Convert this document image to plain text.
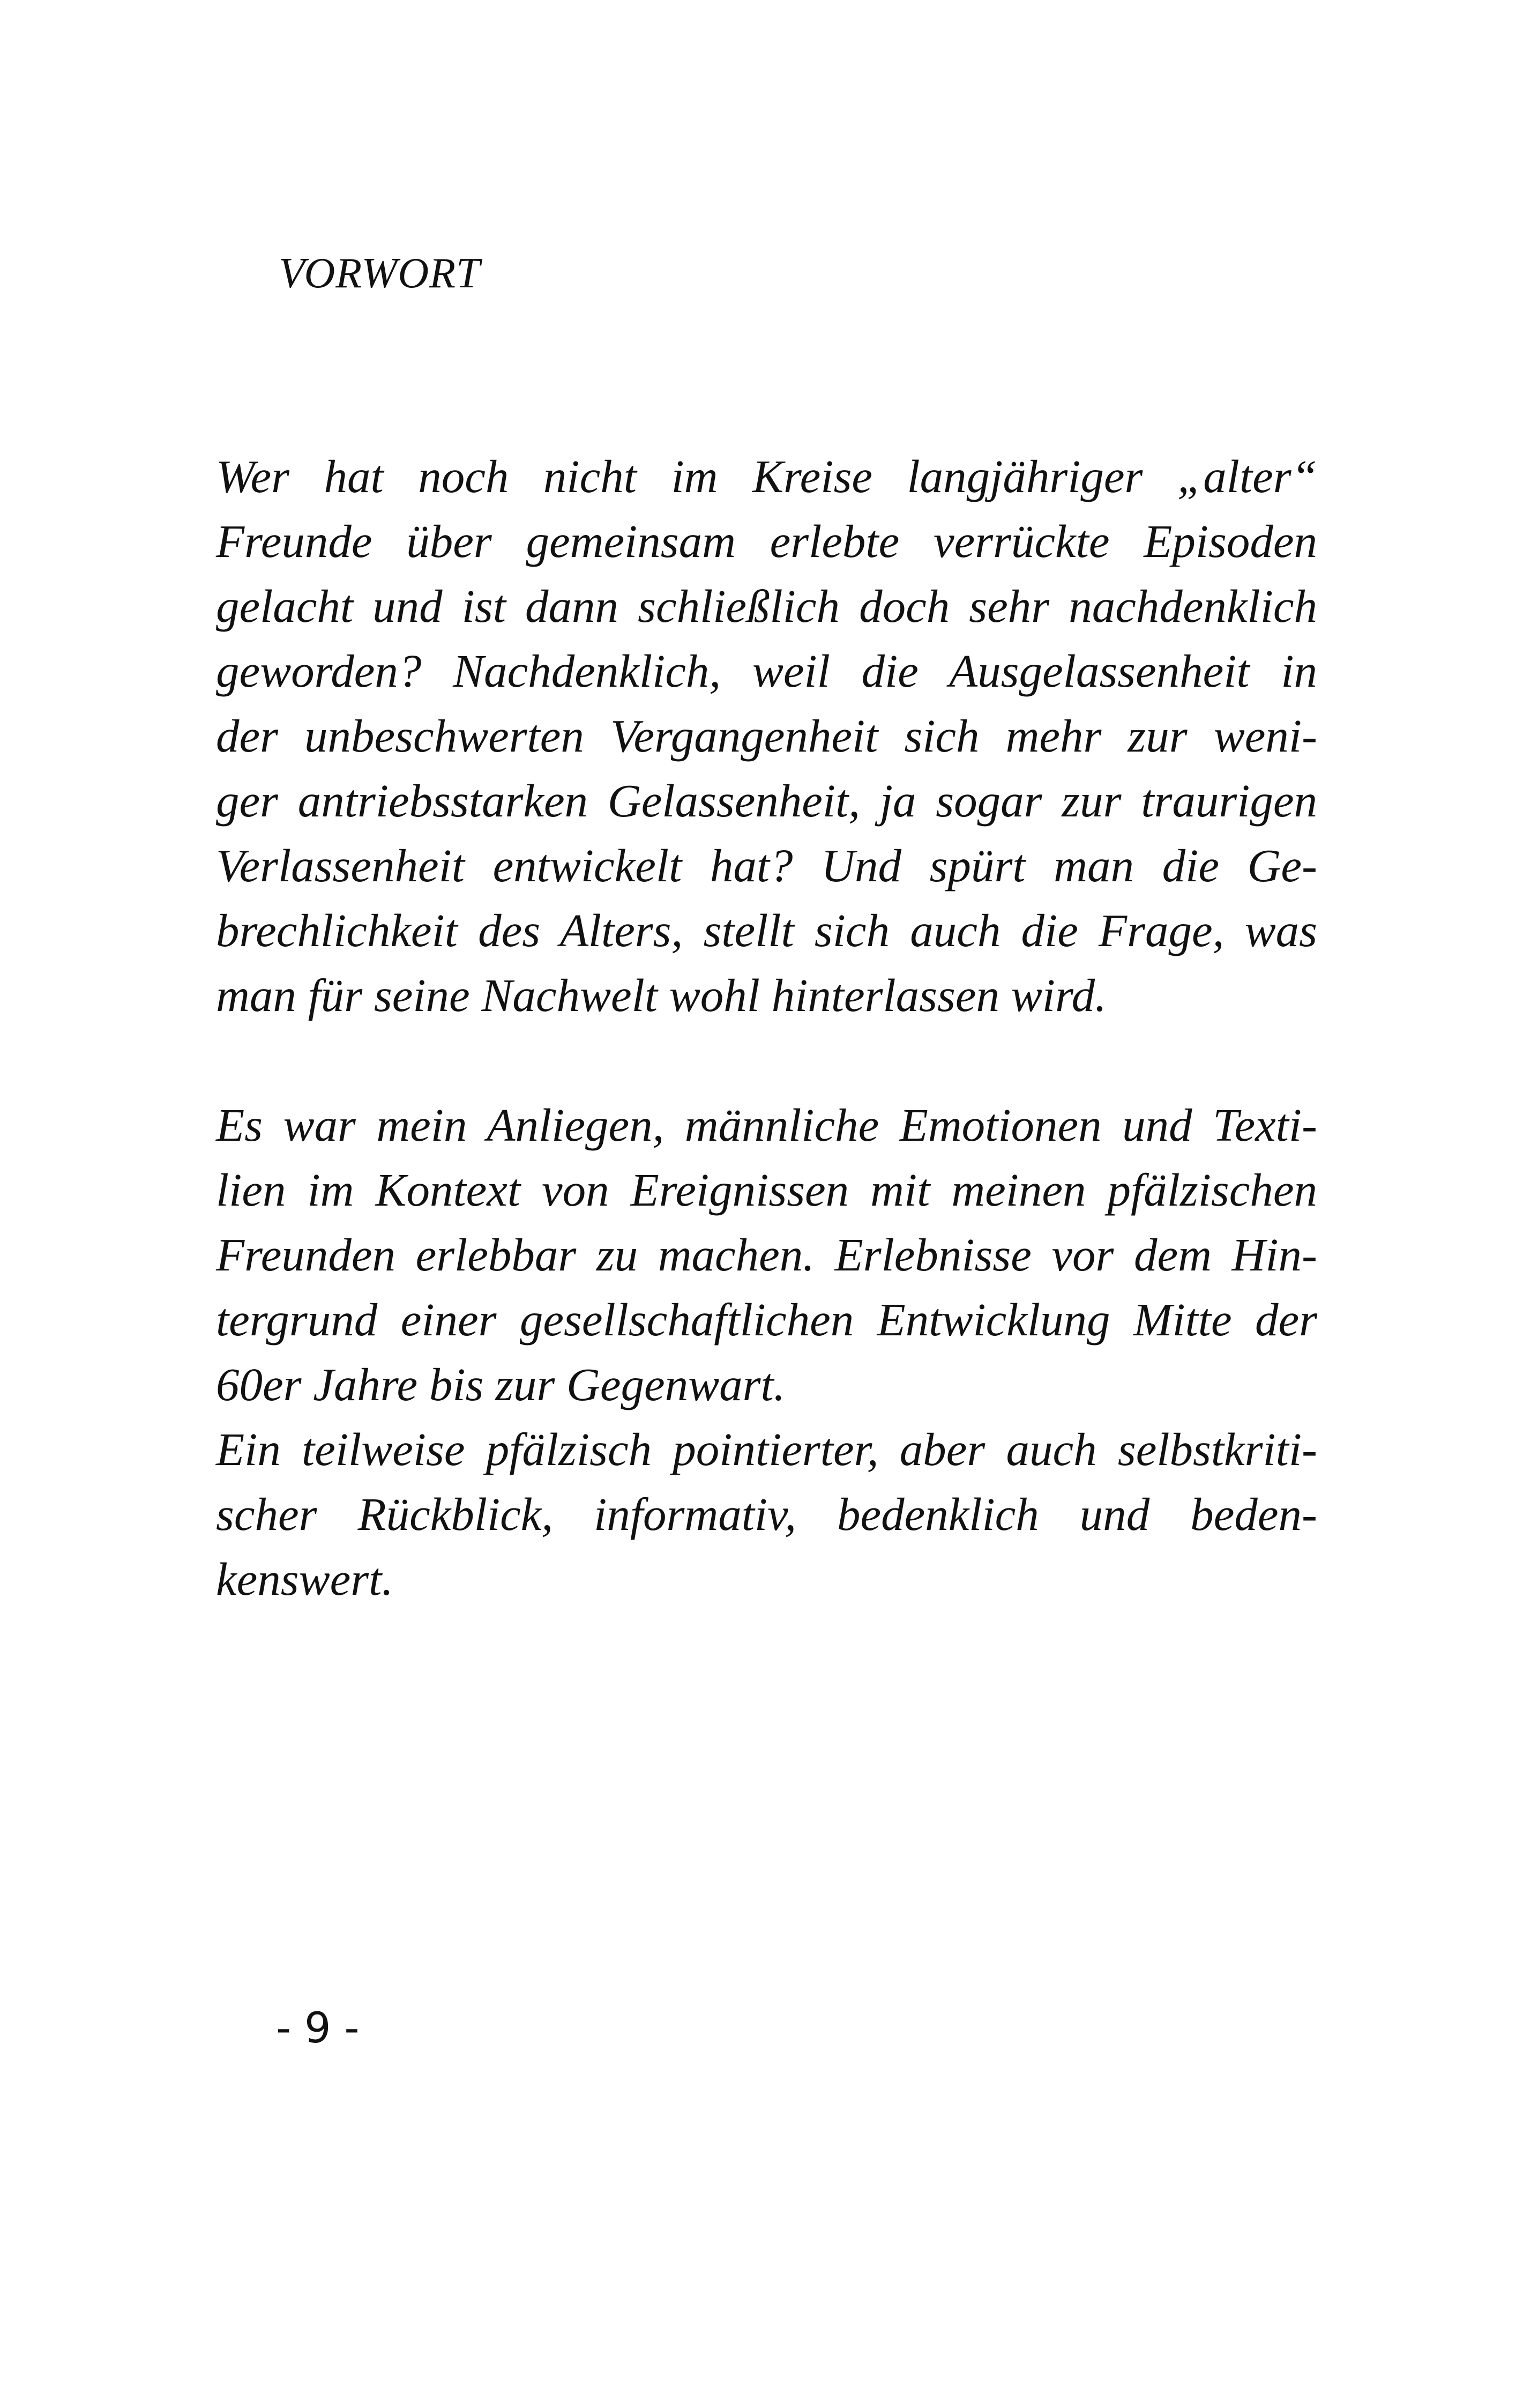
VORWORT
Wer hat noch nicht im Kreise langjähriger „alter“
Freunde über gemeinsam erlebte verrückte Episoden
gelacht und ist dann schließlich doch sehr nachdenklich
geworden? Nachdenklich, weil die Ausgelassenheit in
der unbeschwerten Vergangenheit sich mehr zur weni-
ger antriebsstarken Gelassenheit, ja sogar zur traurigen
Verlassenheit entwickelt hat? Und spürt man die Ge-
brechlichkeit des Alters, stellt sich auch die Frage, was
man für seine Nachwelt wohl hinterlassen wird.
Es war mein Anliegen, männliche Emotionen und Texti-
lien im Kontext von Ereignissen mit meinen pfälzischen
Freunden erlebbar zu machen. Erlebnisse vor dem Hin-
tergrund einer gesellschaftlichen Entwicklung Mitte der
60er Jahre bis zur Gegenwart.
Ein teilweise pfälzisch pointierter, aber auch selbstkriti-
scher Rückblick, informativ, bedenklich und beden-
kenswert.
- 9 -
